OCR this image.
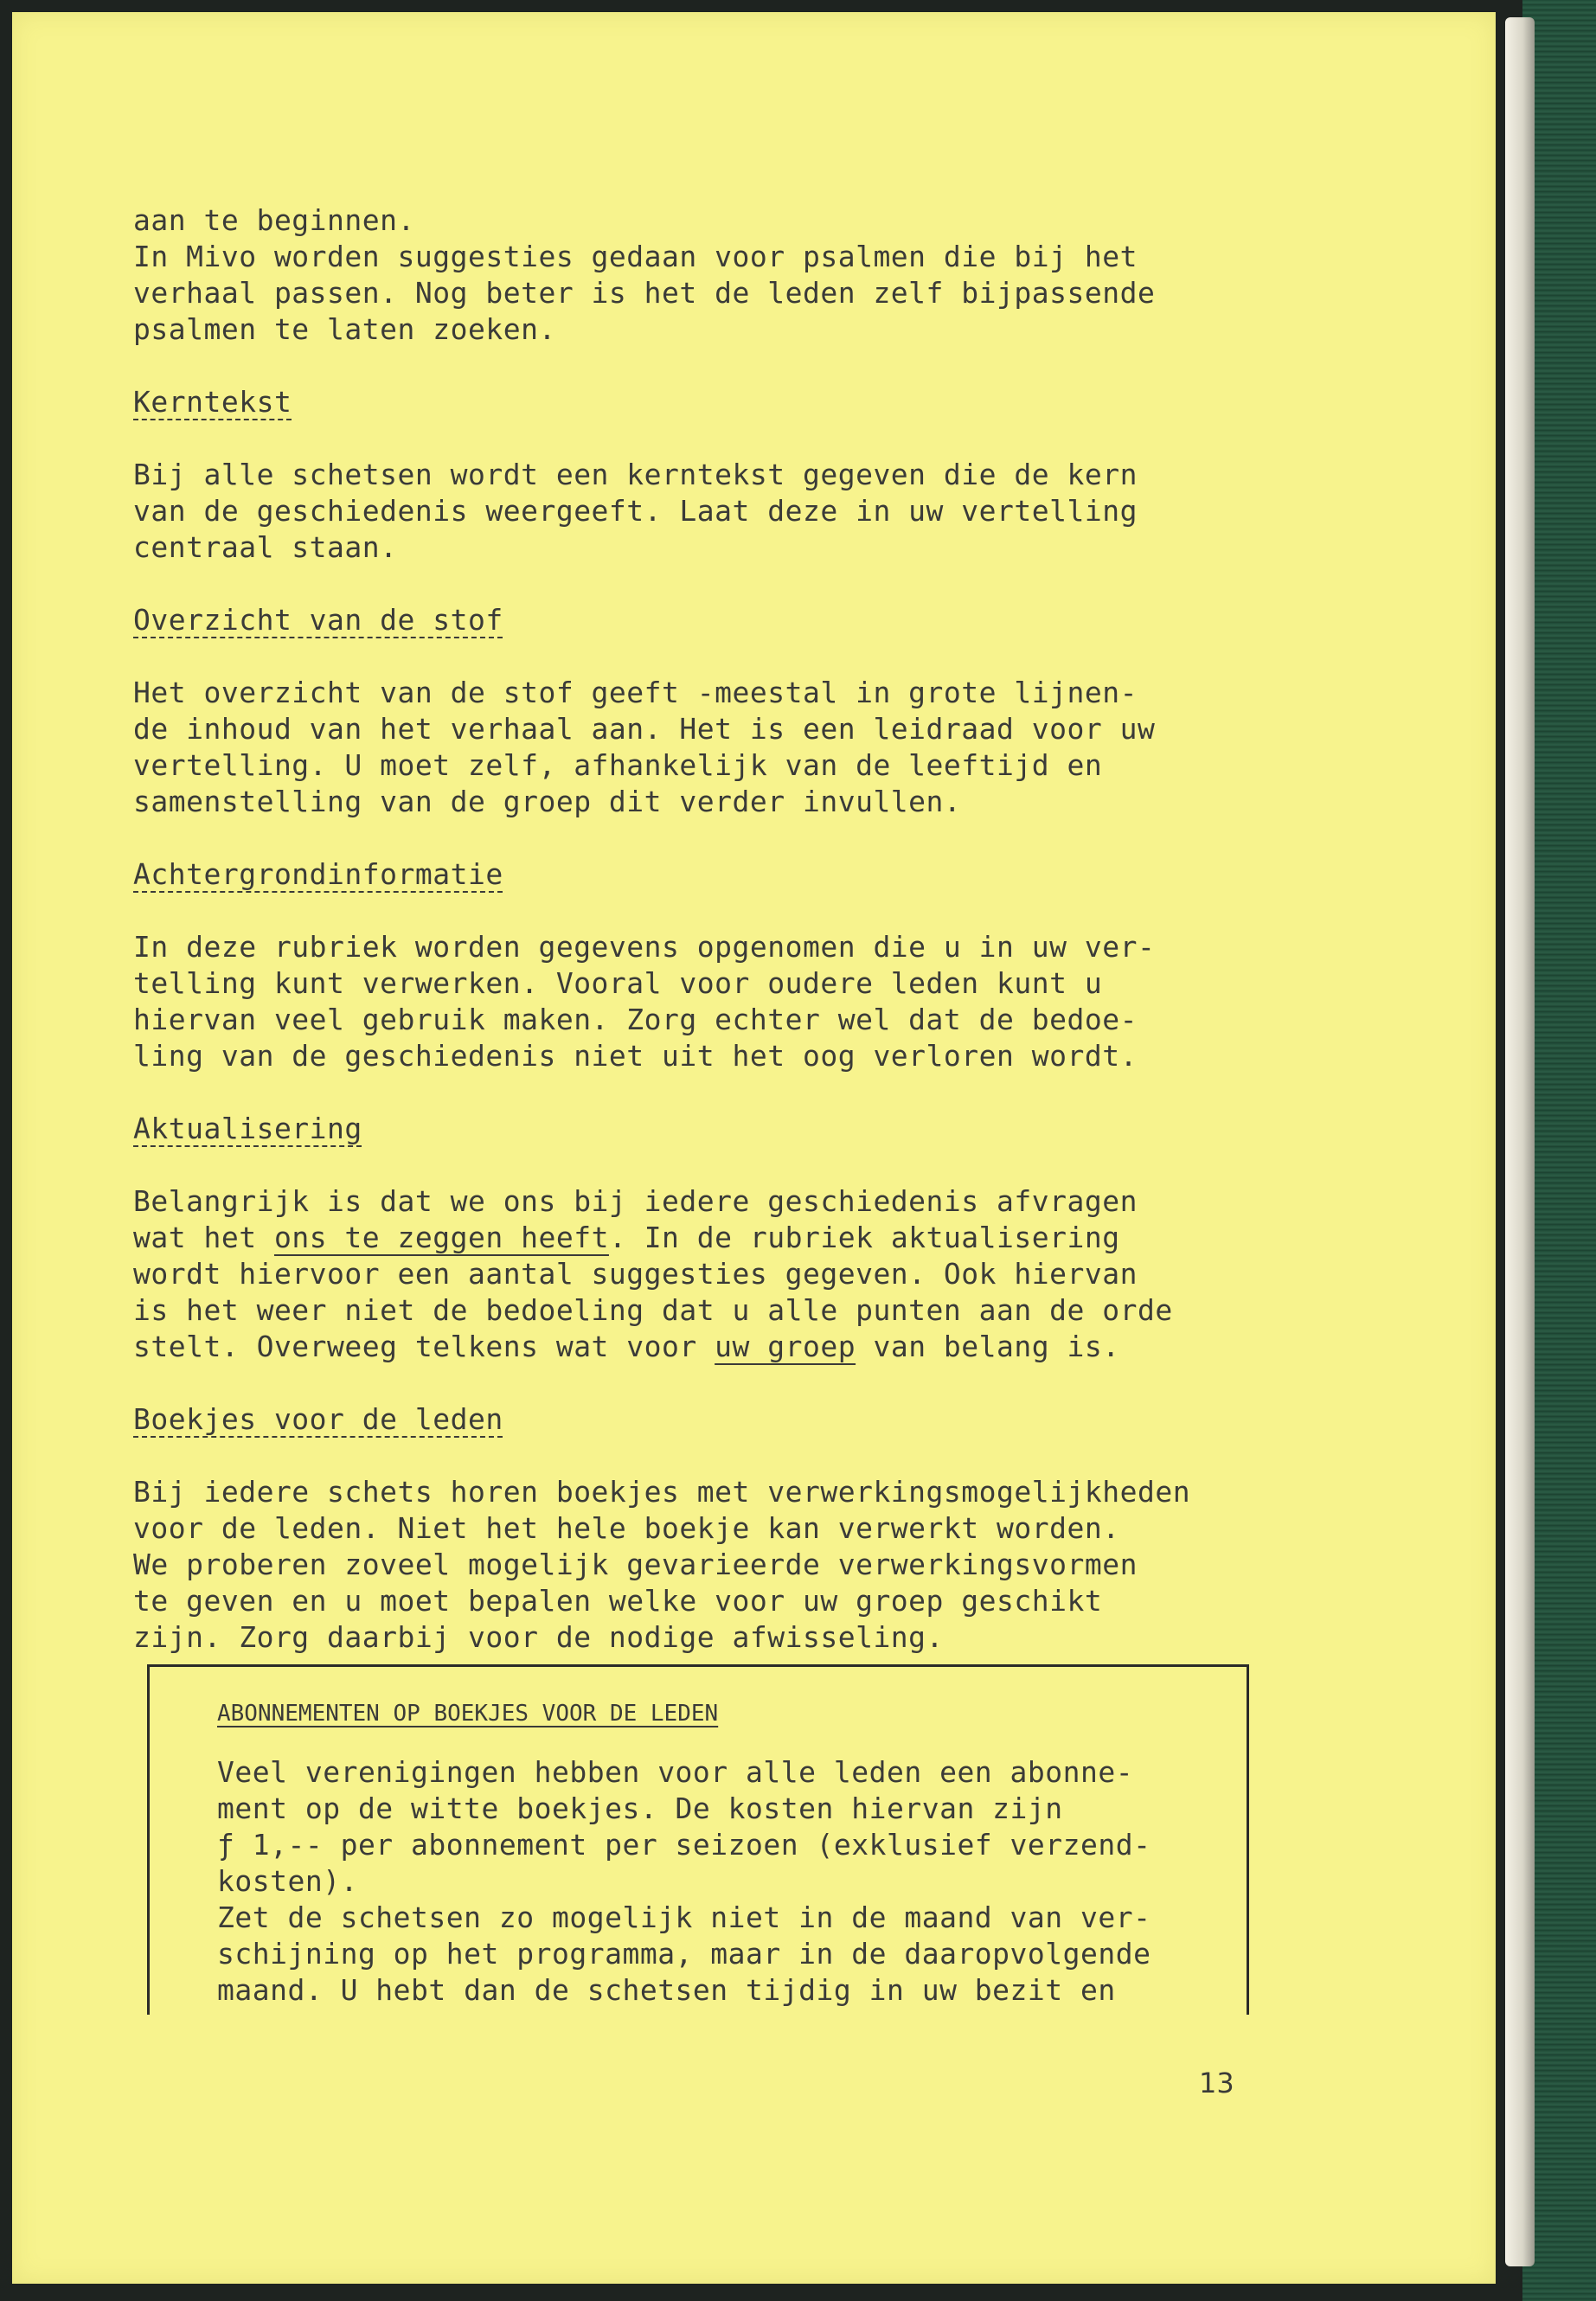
aan te beginnen.
In Mivo worden suggesties gedaan voor psalmen die bij het
verhaal passen. Nog beter is het de leden zelf bijpassende
psalmen te laten zoeken.

Kerntekst

Bij alle schetsen wordt een kerntekst gegeven die de kern
van de geschiedenis weergeeft. Laat deze in uw vertelling
centraal staan.

Overzicht van de stof

Het overzicht van de stof geeft -meestal in grote lijnen-
de inhoud van het verhaal aan. Het is een leidraad voor uw
vertelling. U moet zelf, afhankelijk van de leeftijd en
samenstelling van de groep dit verder invullen.

Achtergrondinformatie

In deze rubriek worden gegevens opgenomen die u in uw ver-
telling kunt verwerken. Vooral voor oudere leden kunt u
hiervan veel gebruik maken. Zorg echter wel dat de bedoe-
ling van de geschiedenis niet uit het oog verloren wordt.

Aktualisering

Belangrijk is dat we ons bij iedere geschiedenis afvragen
wat het ons te zeggen heeft. In de rubriek aktualisering
wordt hiervoor een aantal suggesties gegeven. Ook hiervan
is het weer niet de bedoeling dat u alle punten aan de orde
stelt. Overweeg telkens wat voor uw groep van belang is.

Boekjes voor de leden

Bij iedere schets horen boekjes met verwerkingsmogelijkheden
voor de leden. Niet het hele boekje kan verwerkt worden.
We proberen zoveel mogelijk gevarieerde verwerkingsvormen
te geven en u moet bepalen welke voor uw groep geschikt
zijn. Zorg daarbij voor de nodige afwisseling.

ABONNEMENTEN OP BOEKJES VOOR DE LEDEN

Veel verenigingen hebben voor alle leden een abonne-
ment op de witte boekjes. De kosten hiervan zijn
ƒ 1,-- per abonnement per seizoen (exklusief verzend-
kosten).
Zet de schetsen zo mogelijk niet in de maand van ver-
schijning op het programma, maar in de daaropvolgende
maand. U hebt dan de schetsen tijdig in uw bezit en

13
